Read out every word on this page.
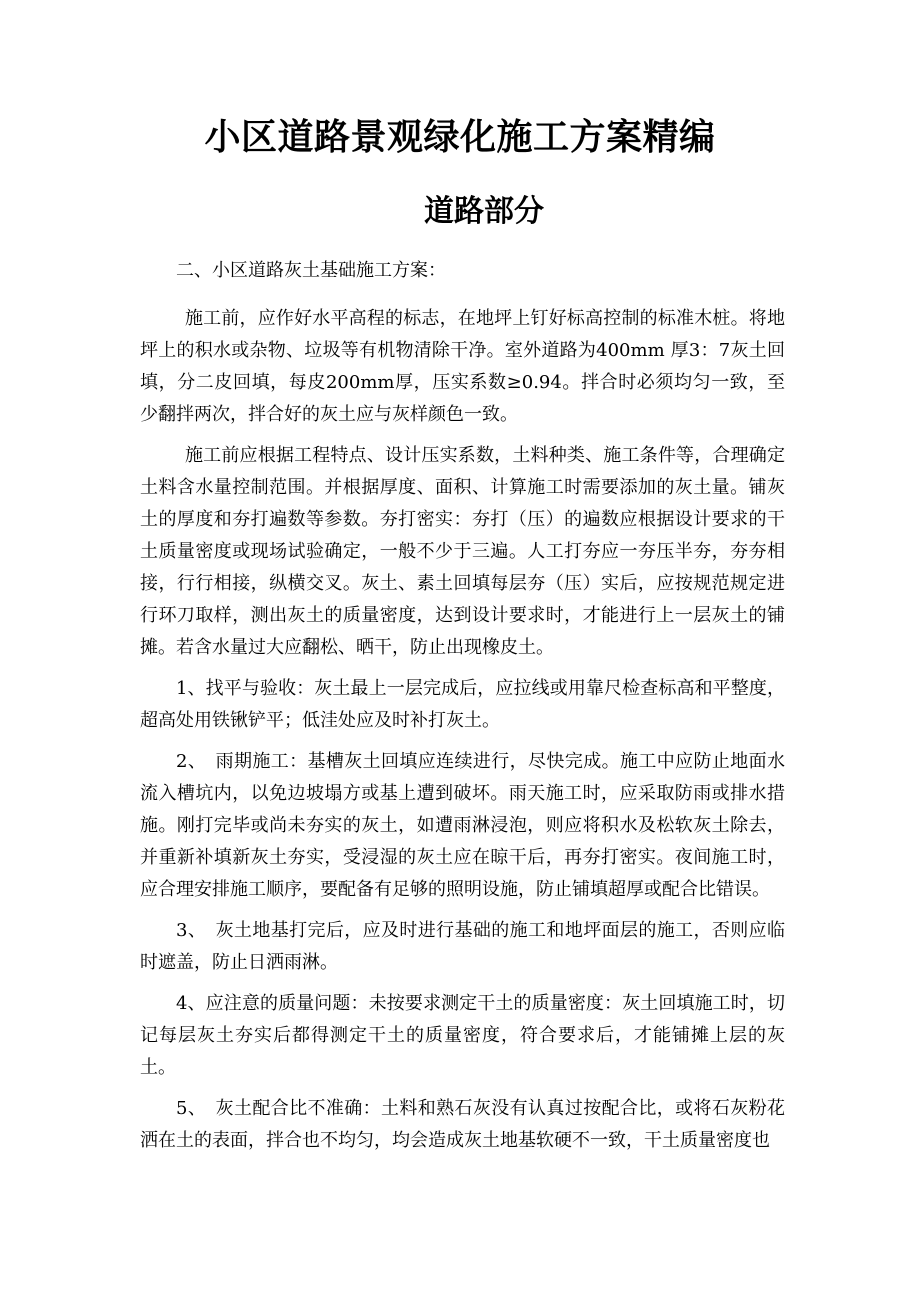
小区道路景观绿化施工方案精编
道路部分

二、小区道路灰土基础施工方案：

施工前，应作好水平高程的标志，在地坪上钉好标高控制的标准木桩。将地坪上的积水或杂物、垃圾等有机物清除干净。室外道路为400mm 厚3：7灰土回填，分二皮回填，每皮200mm厚，压实系数≥0.94。拌合时必须均匀一致，至少翻拌两次，拌合好的灰土应与灰样颜色一致。

施工前应根据工程特点、设计压实系数，土料种类、施工条件等，合理确定土料含水量控制范围。并根据厚度、面积、计算施工时需要添加的灰土量。铺灰土的厚度和夯打遍数等参数。夯打密实：夯打（压）的遍数应根据设计要求的干土质量密度或现场试验确定，一般不少于三遍。人工打夯应一夯压半夯，夯夯相接，行行相接，纵横交叉。灰土、素土回填每层夯（压）实后，应按规范规定进行环刀取样，测出灰土的质量密度，达到设计要求时，才能进行上一层灰土的铺摊。若含水量过大应翻松、晒干，防止出现橡皮土。

1、找平与验收：灰土最上一层完成后，应拉线或用靠尺检查标高和平整度，超高处用铁锹铲平；低洼处应及时补打灰土。

2、　雨期施工：基槽灰土回填应连续进行，尽快完成。施工中应防止地面水流入槽坑内，以免边坡塌方或基上遭到破坏。雨天施工时，应采取防雨或排水措施。刚打完毕或尚未夯实的灰土，如遭雨淋浸泡，则应将积水及松软灰土除去，并重新补填新灰土夯实，受浸湿的灰土应在晾干后，再夯打密实。夜间施工时，应合理安排施工顺序，要配备有足够的照明设施，防止铺填超厚或配合比错误。

3、　灰土地基打完后，应及时进行基础的施工和地坪面层的施工，否则应临时遮盖，防止日洒雨淋。

4、应注意的质量问题：未按要求测定干土的质量密度：灰土回填施工时，切记每层灰土夯实后都得测定干土的质量密度，符合要求后，才能铺摊上层的灰土。

5、　灰土配合比不准确：土料和熟石灰没有认真过按配合比，或将石灰粉花洒在土的表面，拌合也不均匀，均会造成灰土地基软硬不一致，干土质量密度也
